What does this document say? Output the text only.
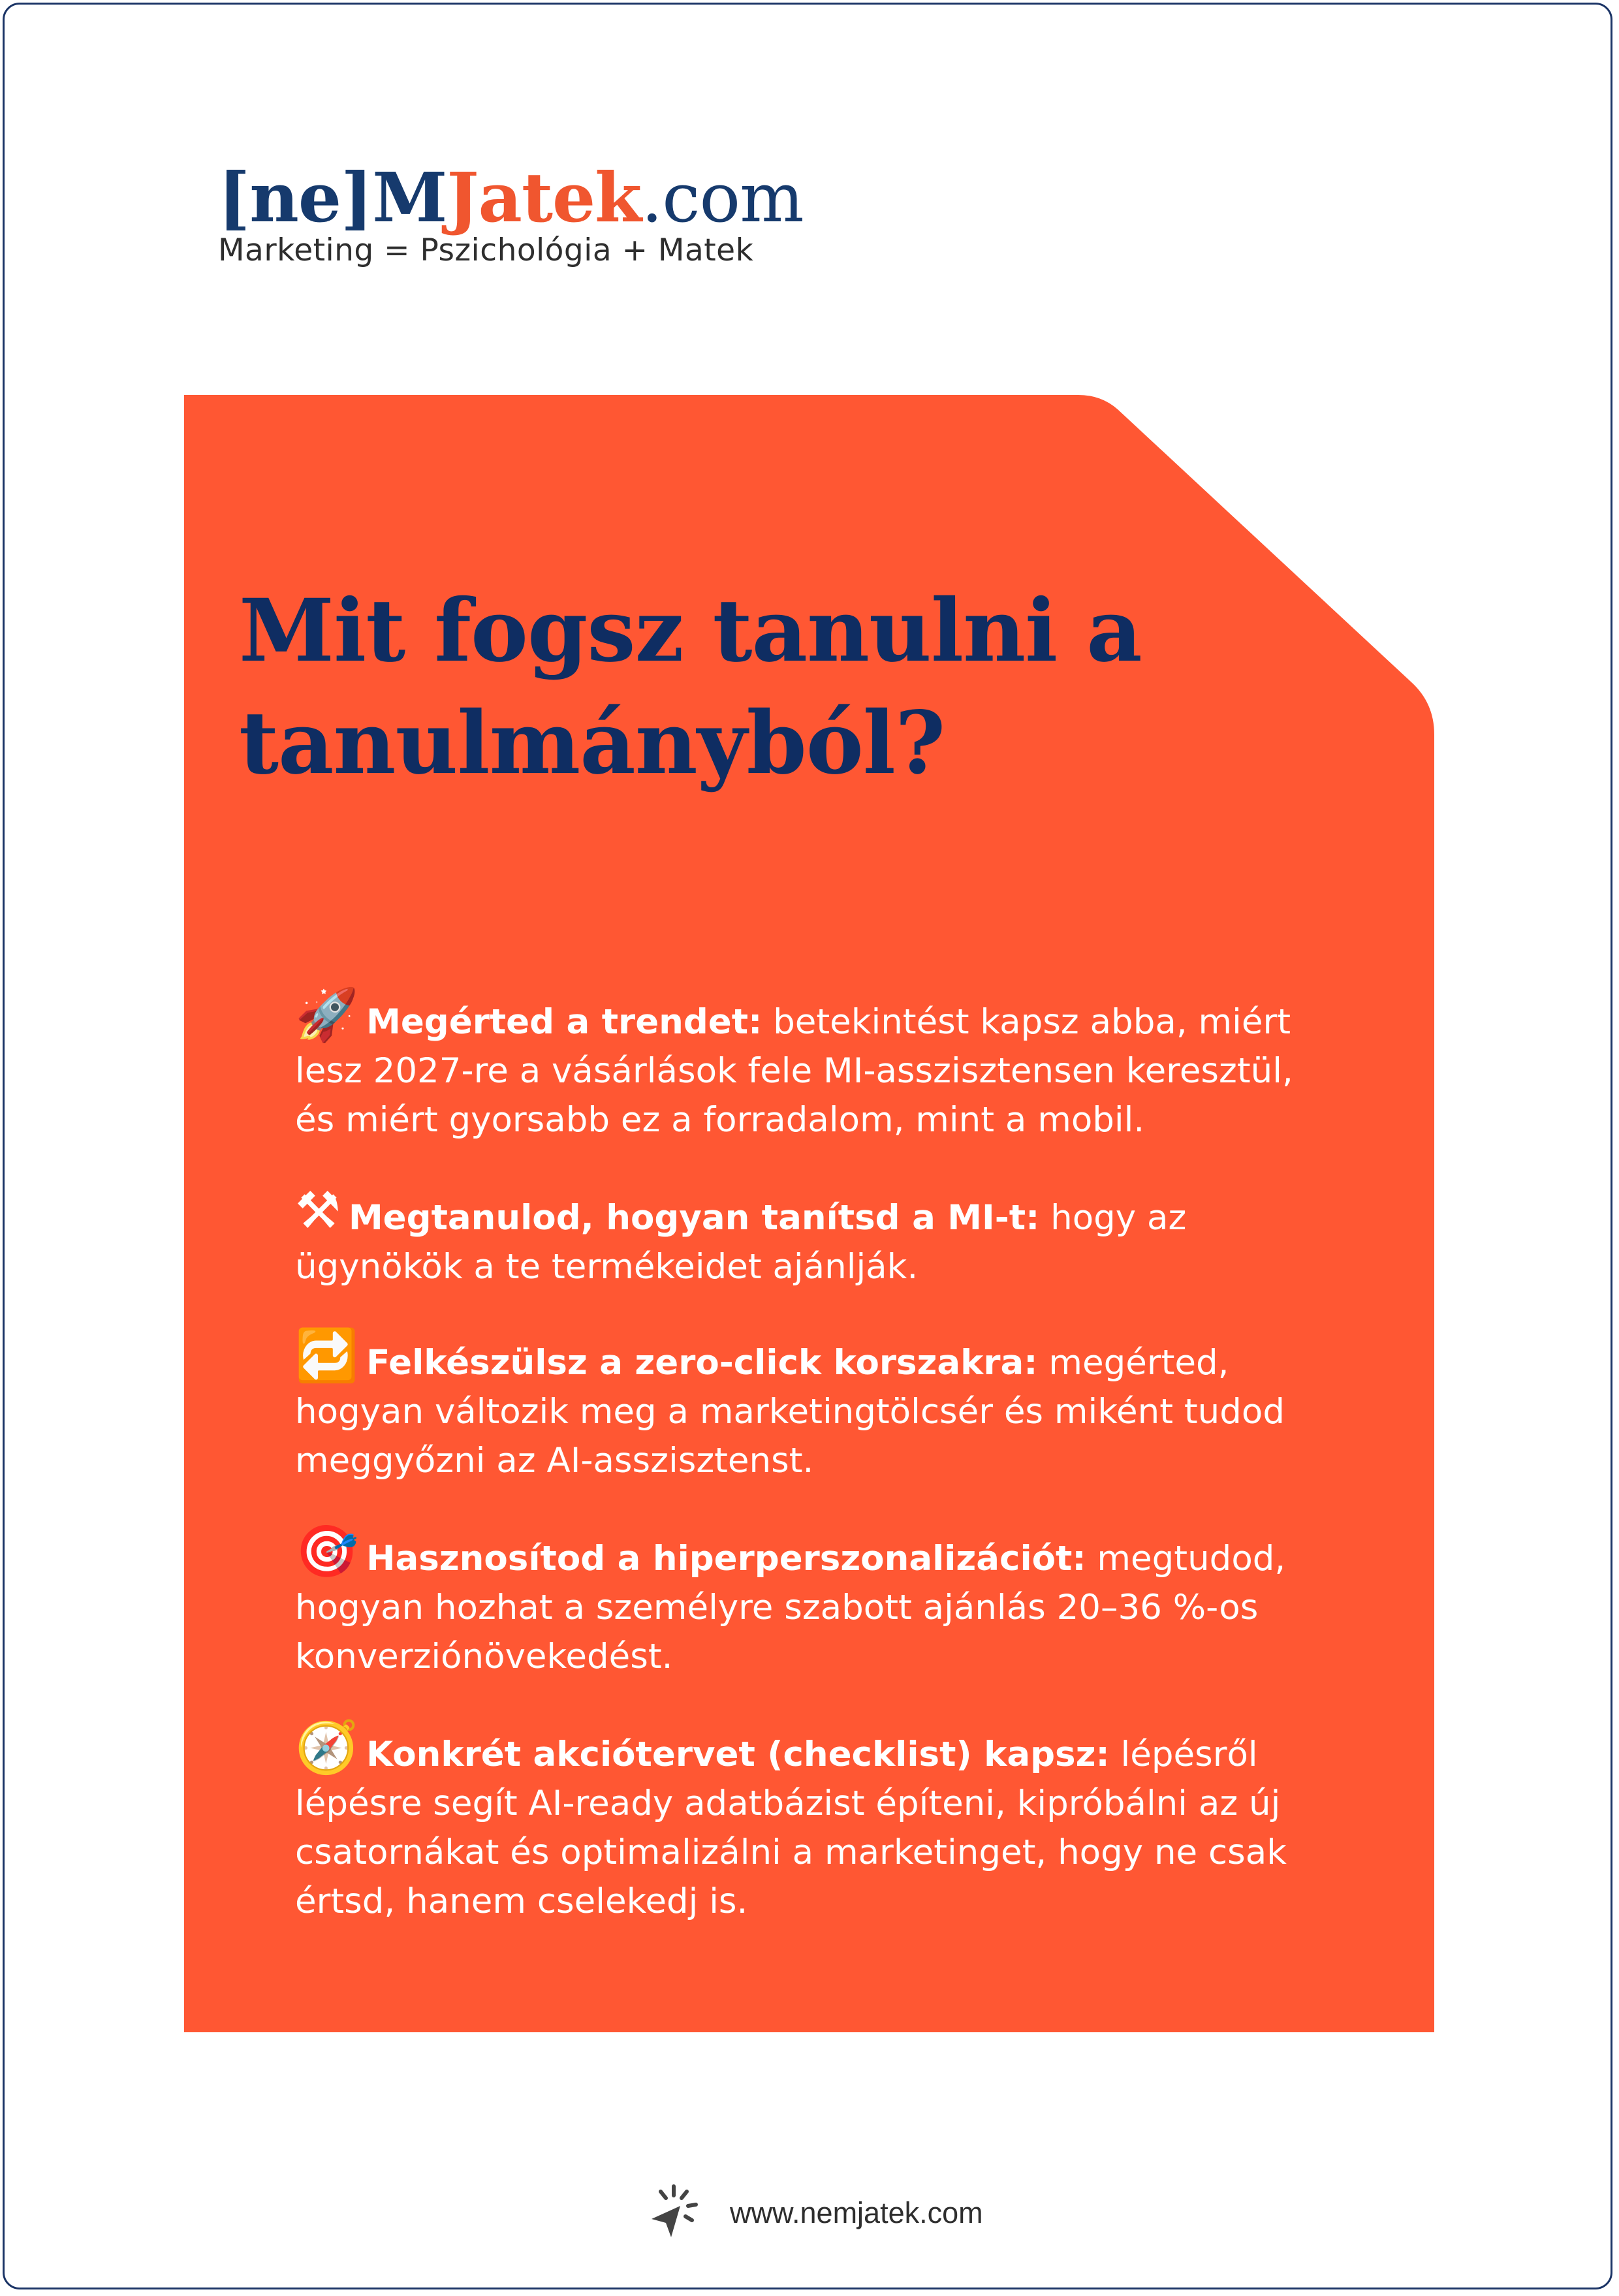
[ne]MJatek.com
Marketing = Pszichológia + Matek
Mit fogsz tanulni a tanulmányból?
🚀 Megérted a trendet: betekintést kapsz abba, miért lesz 2027-re a vásárlások fele MI-asszisztensen keresztül, és miért gyorsabb ez a forradalom, mint a mobil.
⚒ Megtanulod, hogyan tanítsd a MI-t: hogy az ügynökök a te termékeidet ajánlják.
🔁 Felkészülsz a zero-click korszakra: megérted, hogyan változik meg a marketingtölcsér és miként tudod meggyőzni az AI-asszisztenst.
🎯 Hasznosítod a hiperperszonalizációt: megtudod, hogyan hozhat a személyre szabott ajánlás 20–36 %-os konverziónövekedést.
🧭 Konkrét akciótervet (checklist) kapsz: lépésről lépésre segít AI-ready adatbázist építeni, kipróbálni az új csatornákat és optimalizálni a marketinget, hogy ne csak értsd, hanem cselekedj is.
www.nemjatek.com
